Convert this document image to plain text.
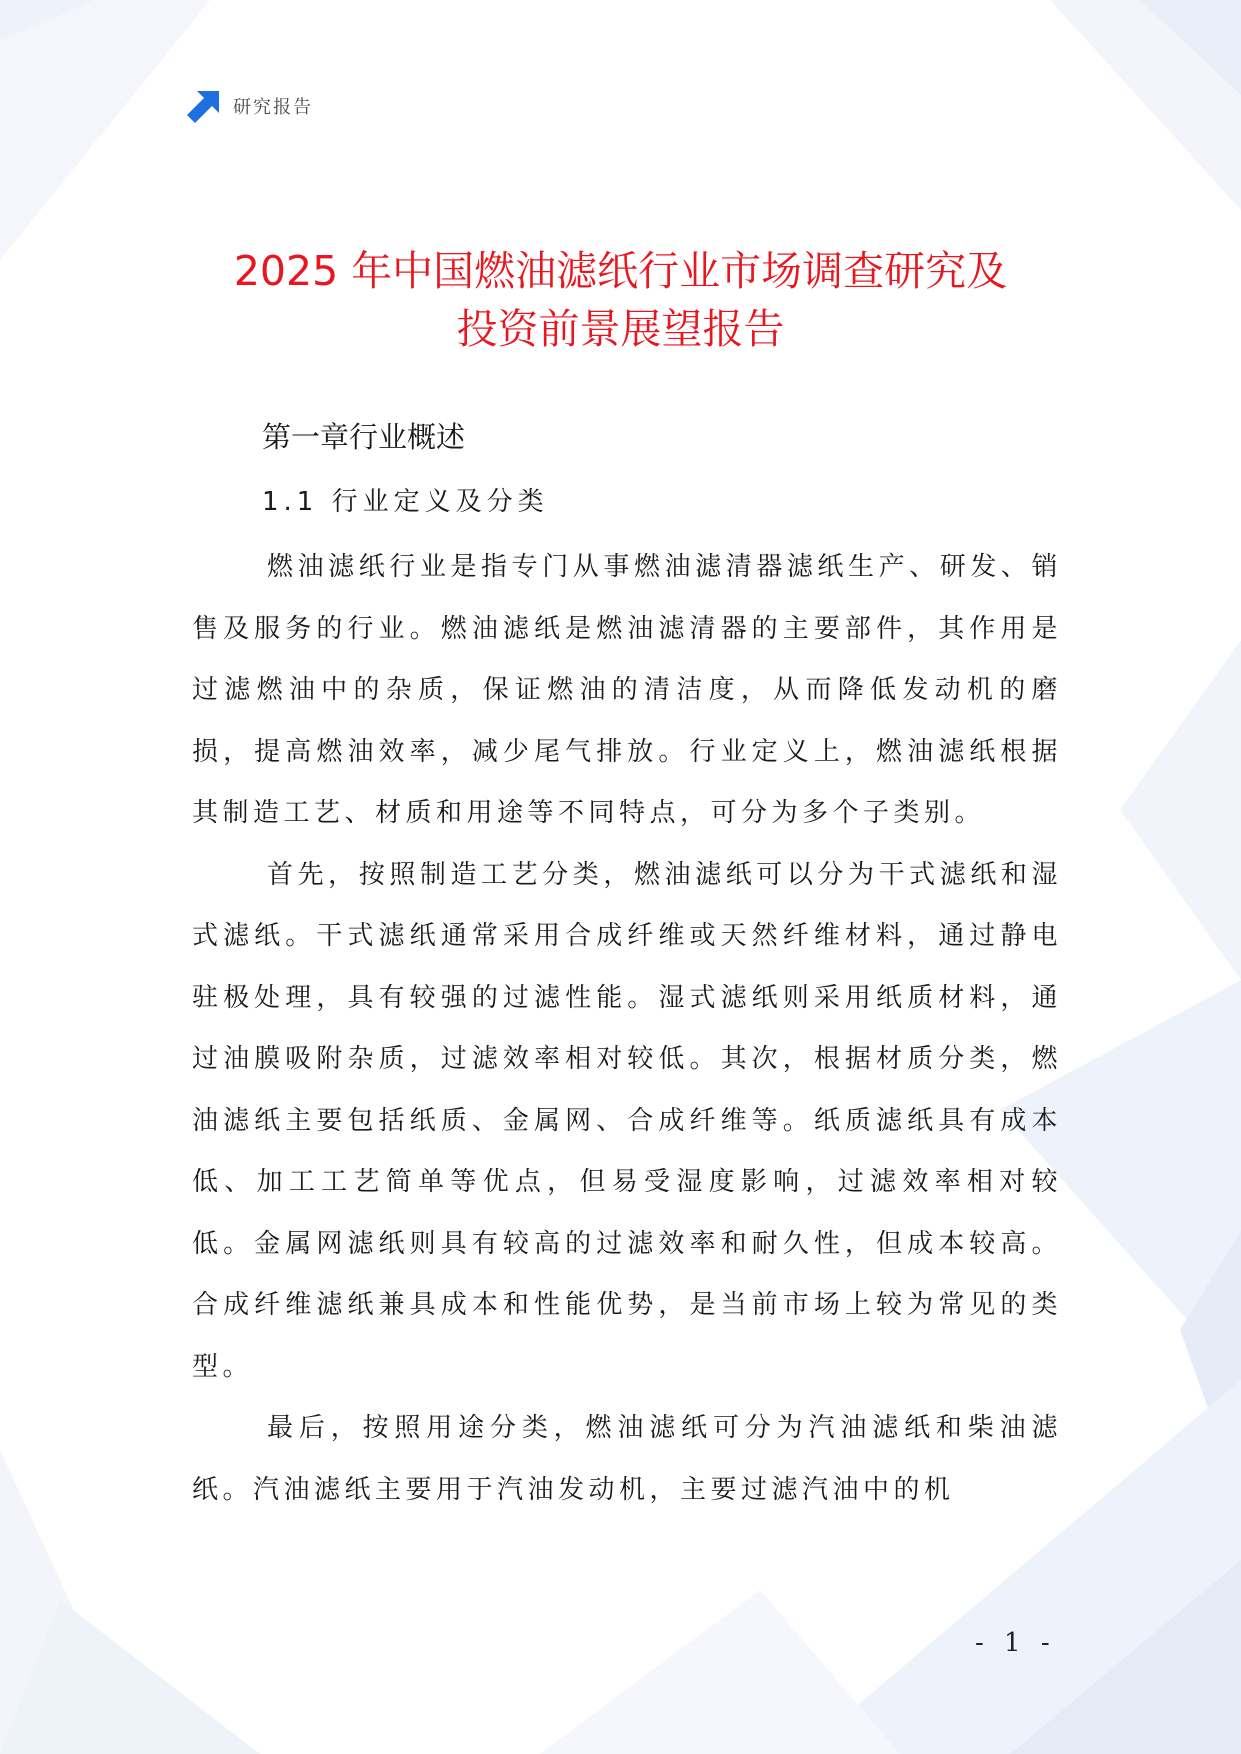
研究报告
2025 年中国燃油滤纸行业市场调查研究及
投资前景展望报告
第一章行业概述
1.1 行业定义及分类

燃油滤纸行业是指专门从事燃油滤清器滤纸生产、研发、销售及服务的行业。燃油滤纸是燃油滤清器的主要部件，其作用是过滤燃油中的杂质，保证燃油的清洁度，从而降低发动机的磨损，提高燃油效率，减少尾气排放。行业定义上，燃油滤纸根据其制造工艺、材质和用途等不同特点，可分为多个子类别。

首先，按照制造工艺分类，燃油滤纸可以分为干式滤纸和湿式滤纸。干式滤纸通常采用合成纤维或天然纤维材料，通过静电驻极处理，具有较强的过滤性能。湿式滤纸则采用纸质材料，通过油膜吸附杂质，过滤效率相对较低。其次，根据材质分类，燃油滤纸主要包括纸质、金属网、合成纤维等。纸质滤纸具有成本低、加工工艺简单等优点，但易受湿度影响，过滤效率相对较低。金属网滤纸则具有较高的过滤效率和耐久性，但成本较高。合成纤维滤纸兼具成本和性能优势，是当前市场上较为常见的类型。

最后，按照用途分类，燃油滤纸可分为汽油滤纸和柴油滤纸。汽油滤纸主要用于汽油发动机，主要过滤汽油中的机

- 1 -
